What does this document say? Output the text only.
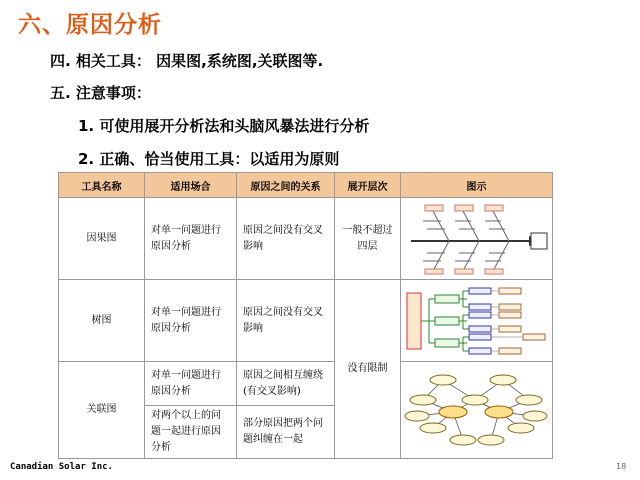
六、原因分析
四. 相关工具： 因果图,系统图,关联图等.
五. 注意事项：
1. 可使用展开分析法和头脑风暴法进行分析
2. 正确、恰当使用工具：以适用为原则
工具名称	适用场合	原因之间的关系	展开层次	图示
因果图	对单一问题进行原因分析	原因之间没有交叉影响	一般不超过四层	

树图	对单一问题进行原因分析	原因之间没有交叉影响	没有限制	

关联图	对单一问题进行原因分析	原因之间相互缠绕(有交叉影响)	

	对两个以上的问题一起进行原因分析	部分原因把两个问题纠缠在一起		
Canadian Solar Inc.	18
